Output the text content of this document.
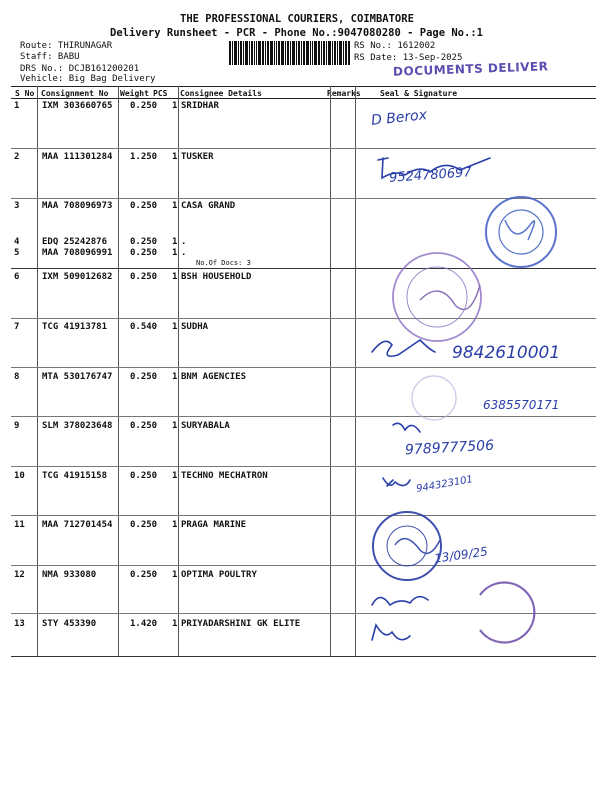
THE PROFESSIONAL COURIERS, COIMBATORE
Delivery Runsheet - PCR - Phone No.:9047080280 - Page No.:1
Route: THIRUNAGAR
Staff: BABU
DRS No.: DCJB161200201
Vehicle: Big Bag Delivery
RS No.: 1612002
RS Date: 13-Sep-2025
DOCUMENTS DELIVER
S No Consignment No Weight PCS Consignee Details	Remarks Seal & Signature
1	IXM 303660765 0.250 1 SRIDHAR
2	MAA 111301284 1.250 1 TUSKER
3	MAA 708096973 0.250 1 CASA GRAND
4	EDQ 25242876	0.250 1 .
5	MAA 708096991 0.250 1 .
No.Of Docs: 3
6	IXM 509012682 0.250 1 BSH HOUSEHOLD
7	TCG 41913781	0.540 1 SUDHA
8	MTA 530176747 0.250 1 BNM AGENCIES
9	SLM 378023648 0.250 1 SURYABALA
10 TCG 41915158	0.250 1 TECHNO MECHATRON
11 MAA 712701454 0.250 1 PRAGA MARINE
12 NMA 933080	0.250 1 OPTIMA POULTRY
13 STY 453390	1.420 1 PRIYADARSHINI GK ELITE
D Berox
9524780697
9842610001
6385570171
9789777506
944323101
13/09/25
